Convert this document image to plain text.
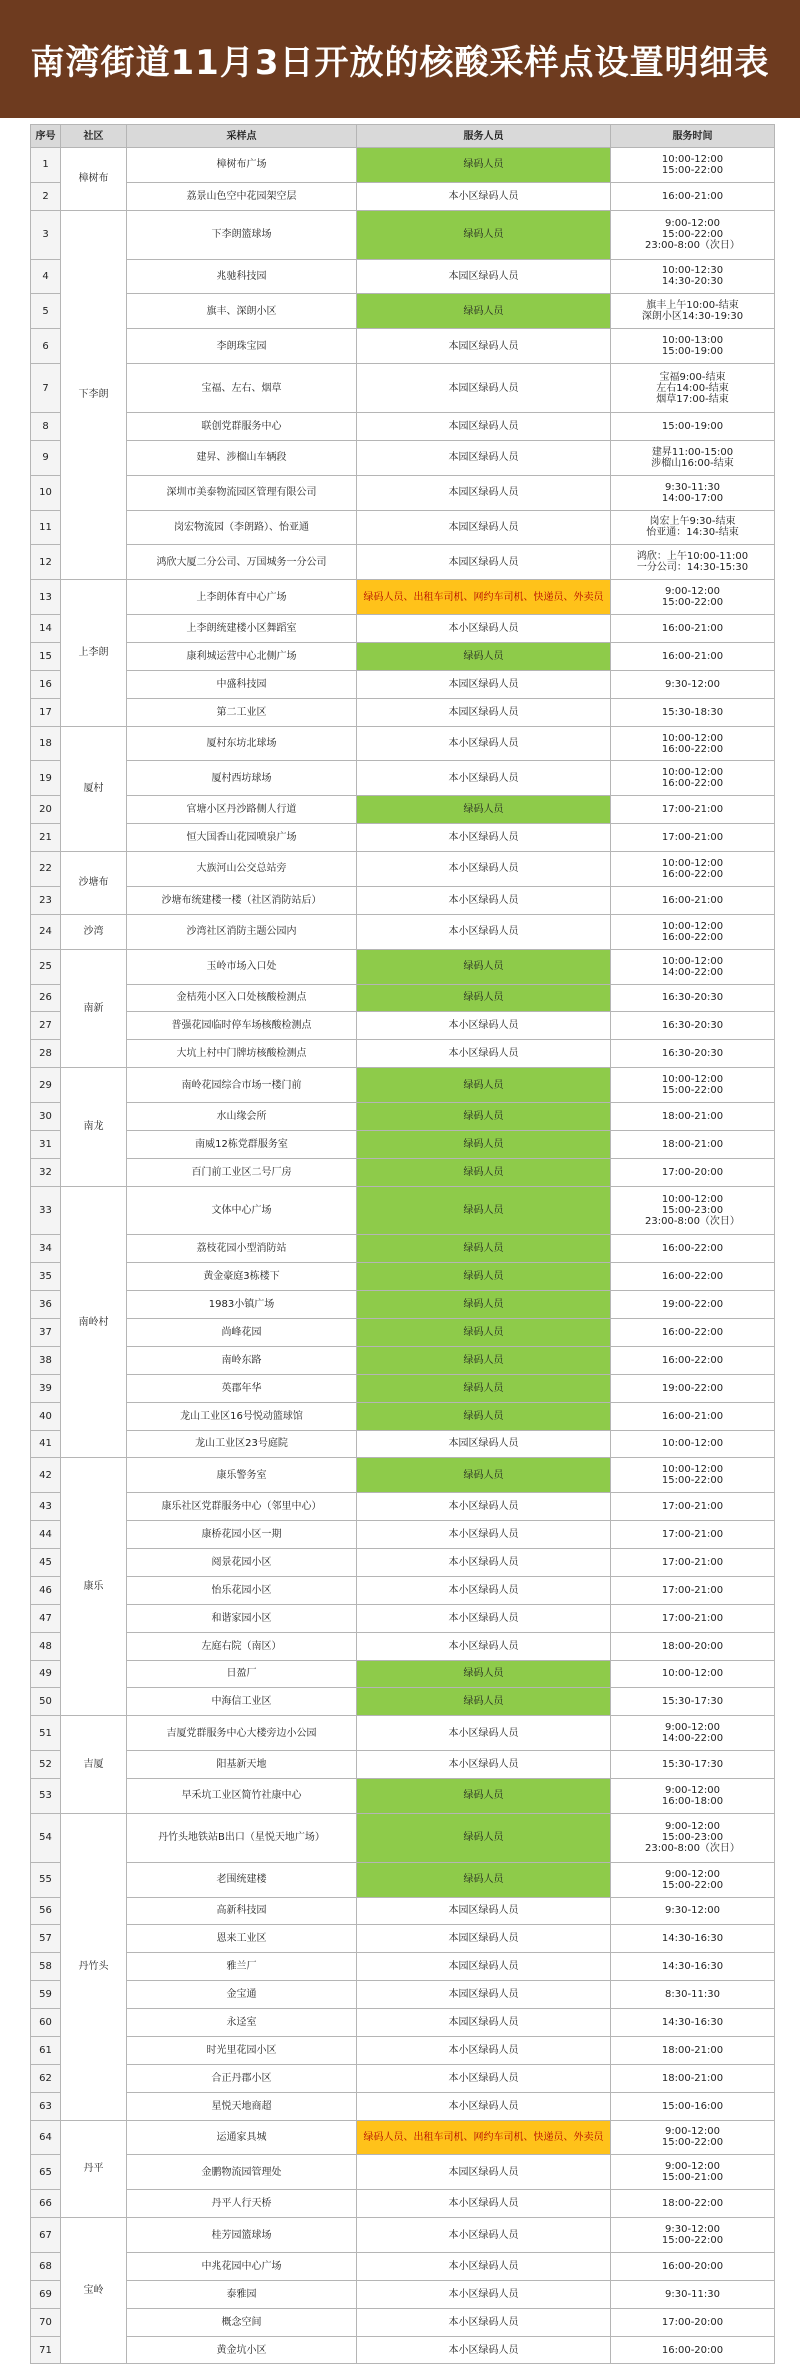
南湾街道11月3日开放的核酸采样点设置明细表
序号	社区	采样点	服务人员	服务时间
1	樟树布	樟树布广场	绿码人员	10:00-12:00
15:00-22:00
2		荔景山色空中花园架空层	本小区绿码人员	16:00-21:00
3	下李朗	下李朗篮球场	绿码人员	9:00-12:00
15:00-22:00
23:00-8:00（次日）
4		兆驰科技园	本园区绿码人员	10:00-12:30
14:30-20:30
5		旗丰、深朗小区	绿码人员	旗丰上午10:00-结束
深朗小区14:30-19:30
6		李朗珠宝园	本园区绿码人员	10:00-13:00
15:00-19:00
7		宝福、左右、烟草	本园区绿码人员	宝福9:00-结束
左右14:00-结束
烟草17:00-结束
8		联创党群服务中心	本园区绿码人员	15:00-19:00
9		建昇、涉榴山车辆段	本园区绿码人员	建昇11:00-15:00
涉榴山16:00-结束
10		深圳市美泰物流园区管理有限公司	本园区绿码人员	9:30-11:30
14:00-17:00
11		岗宏物流园（李朗路）、怡亚通	本园区绿码人员	岗宏上午9:30-结束
怡亚通：14:30-结束
12		鸿欣大厦二分公司、万国城务一分公司	本园区绿码人员	鸿欣：上午10:00-11:00
一分公司：14:30-15:30
13	上李朗	上李朗体育中心广场	绿码人员、出租车司机、网约车司机、快递员、外卖员	9:00-12:00
15:00-22:00
14		上李朗统建楼小区舞蹈室	本小区绿码人员	16:00-21:00
15		康利城运营中心北侧广场	绿码人员	16:00-21:00
16		中盛科技园	本园区绿码人员	9:30-12:00
17		第二工业区	本园区绿码人员	15:30-18:30
18	厦村	厦村东坊北球场	本小区绿码人员	10:00-12:00
16:00-22:00
19		厦村西坊球场	本小区绿码人员	10:00-12:00
16:00-22:00
20		官塘小区丹沙路侧人行道	绿码人员	17:00-21:00
21		恒大国香山花园喷泉广场	本小区绿码人员	17:00-21:00
22	沙塘布	大族河山公交总站旁	本小区绿码人员	10:00-12:00
16:00-22:00
23		沙塘布统建楼一楼（社区消防站后）	本小区绿码人员	16:00-21:00
24	沙湾	沙湾社区消防主题公园内	本小区绿码人员	10:00-12:00
16:00-22:00
25	南新	玉岭市场入口处	绿码人员	10:00-12:00
14:00-22:00
26		金桔苑小区入口处核酸检测点	绿码人员	16:30-20:30
27		普强花园临时停车场核酸检测点	本小区绿码人员	16:30-20:30
28		大坑上村中门牌坊核酸检测点	本小区绿码人员	16:30-20:30
29	南龙	南岭花园综合市场一楼门前	绿码人员	10:00-12:00
15:00-22:00
30		水山缘会所	绿码人员	18:00-21:00
31		南威12栋党群服务室	绿码人员	18:00-21:00
32		百门前工业区二号厂房	绿码人员	17:00-20:00
33	南岭村	文体中心广场	绿码人员	10:00-12:00
15:00-23:00
23:00-8:00（次日）
34		荔枝花园小型消防站	绿码人员	16:00-22:00
35		黄金豪庭3栋楼下	绿码人员	16:00-22:00
36		1983小镇广场	绿码人员	19:00-22:00
37		尚峰花园	绿码人员	16:00-22:00
38		南岭东路	绿码人员	16:00-22:00
39		英郡年华	绿码人员	19:00-22:00
40		龙山工业区16号悦动篮球馆	绿码人员	16:00-21:00
41		龙山工业区23号庭院	本园区绿码人员	10:00-12:00
42	康乐	康乐警务室	绿码人员	10:00-12:00
15:00-22:00
43		康乐社区党群服务中心（邻里中心）	本小区绿码人员	17:00-21:00
44		康桥花园小区一期	本小区绿码人员	17:00-21:00
45		阅景花园小区	本小区绿码人员	17:00-21:00
46		怡乐花园小区	本小区绿码人员	17:00-21:00
47		和谐家园小区	本小区绿码人员	17:00-21:00
48		左庭右院（南区）	本小区绿码人员	18:00-20:00
49		日盈厂	绿码人员	10:00-12:00
50		中海信工业区	绿码人员	15:30-17:30
51	吉厦	吉厦党群服务中心大楼旁边小公园	本小区绿码人员	9:00-12:00
14:00-22:00
52		阳基新天地	本小区绿码人员	15:30-17:30
53		早禾坑工业区简竹社康中心	绿码人员	9:00-12:00
16:00-18:00
54	丹竹头	丹竹头地铁站B出口（星悦天地广场）	绿码人员	9:00-12:00
15:00-23:00
23:00-8:00（次日）
55		老围统建楼	绿码人员	9:00-12:00
15:00-22:00
56		高新科技园	本园区绿码人员	9:30-12:00
57		恩来工业区	本园区绿码人员	14:30-16:30
58		雅兰厂	本园区绿码人员	14:30-16:30
59		金宝通	本园区绿码人员	8:30-11:30
60		永迳室	本园区绿码人员	14:30-16:30
61		时光里花园小区	本小区绿码人员	18:00-21:00
62		合正丹郡小区	本小区绿码人员	18:00-21:00
63		星悦天地商超	本小区绿码人员	15:00-16:00
64	丹平	运通家具城	绿码人员、出租车司机、网约车司机、快递员、外卖员	9:00-12:00
15:00-22:00
65		金鹏物流园管理处	本园区绿码人员	9:00-12:00
15:00-21:00
66		丹平人行天桥	本小区绿码人员	18:00-22:00
67	宝岭	桂芳园篮球场	本小区绿码人员	9:30-12:00
15:00-22:00
68		中兆花园中心广场	本小区绿码人员	16:00-20:00
69		泰雅园	本小区绿码人员	9:30-11:30
70		概念空间	本小区绿码人员	17:00-20:00
71		黄金坑小区	本小区绿码人员	16:00-20:00
